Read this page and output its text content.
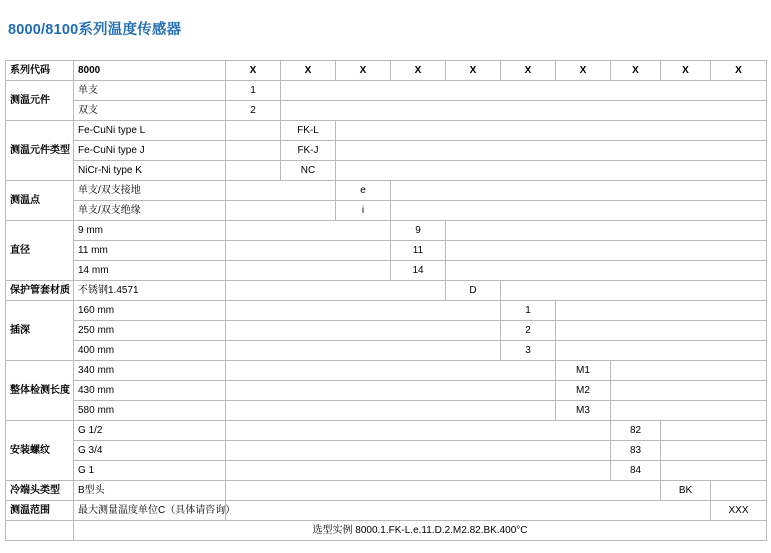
8000/8100系列温度传感器
系列代码	8000	X	X	X	X	X	X	X	X	X	X
测温元件	单支	1									
	双支	2									
测温元件类型	Fe-CuNi type L		FK-L								
	Fe-CuNi type J		FK-J								
	NiCr-Ni type K		NC								
测温点	单支/双支接地			e							
	单支/双支绝缘			i							
直径	9 mm				9						
	11 mm				11						
	14 mm				14						
保护管套材质	不锈钢1.4571					D					
插深	160 mm						1				
	250 mm						2				
	400 mm						3				
整体检测长度	340 mm							M1			
	430 mm							M2			
	580 mm							M3			
安装螺纹	G 1/2								82		
	G 3/4								83		
	G 1								84		
冷端头类型	B型头									BK	
测温范围	最大测量温度单位C（具体请咨询）										XXX
	选型实例 8000.1.FK-L.e.11.D.2.M2.82.BK.400°C										
